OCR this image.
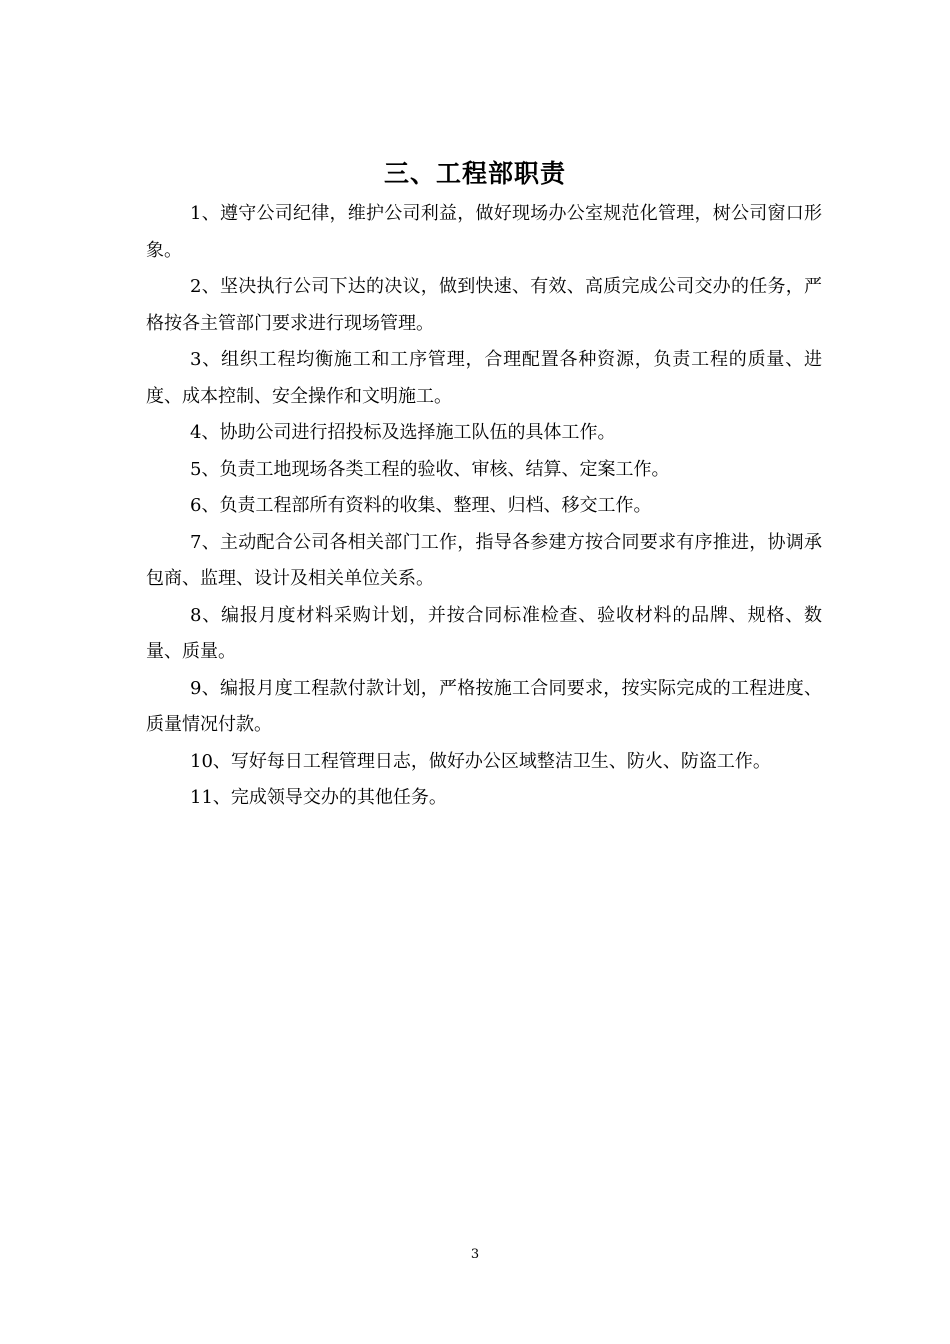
三、工程部职责

1、遵守公司纪律，维护公司利益，做好现场办公室规范化管理，树公司窗口形象。

2、坚决执行公司下达的决议，做到快速、有效、高质完成公司交办的任务，严格按各主管部门要求进行现场管理。

3、组织工程均衡施工和工序管理，合理配置各种资源，负责工程的质量、进度、成本控制、安全操作和文明施工。

4、协助公司进行招投标及选择施工队伍的具体工作。

5、负责工地现场各类工程的验收、审核、结算、定案工作。

6、负责工程部所有资料的收集、整理、归档、移交工作。

7、主动配合公司各相关部门工作，指导各参建方按合同要求有序推进，协调承包商、监理、设计及相关单位关系。

8、编报月度材料采购计划，并按合同标准检查、验收材料的品牌、规格、数量、质量。

9、编报月度工程款付款计划，严格按施工合同要求，按实际完成的工程进度、质量情况付款。

10、写好每日工程管理日志，做好办公区域整洁卫生、防火、防盗工作。

11、完成领导交办的其他任务。

3
